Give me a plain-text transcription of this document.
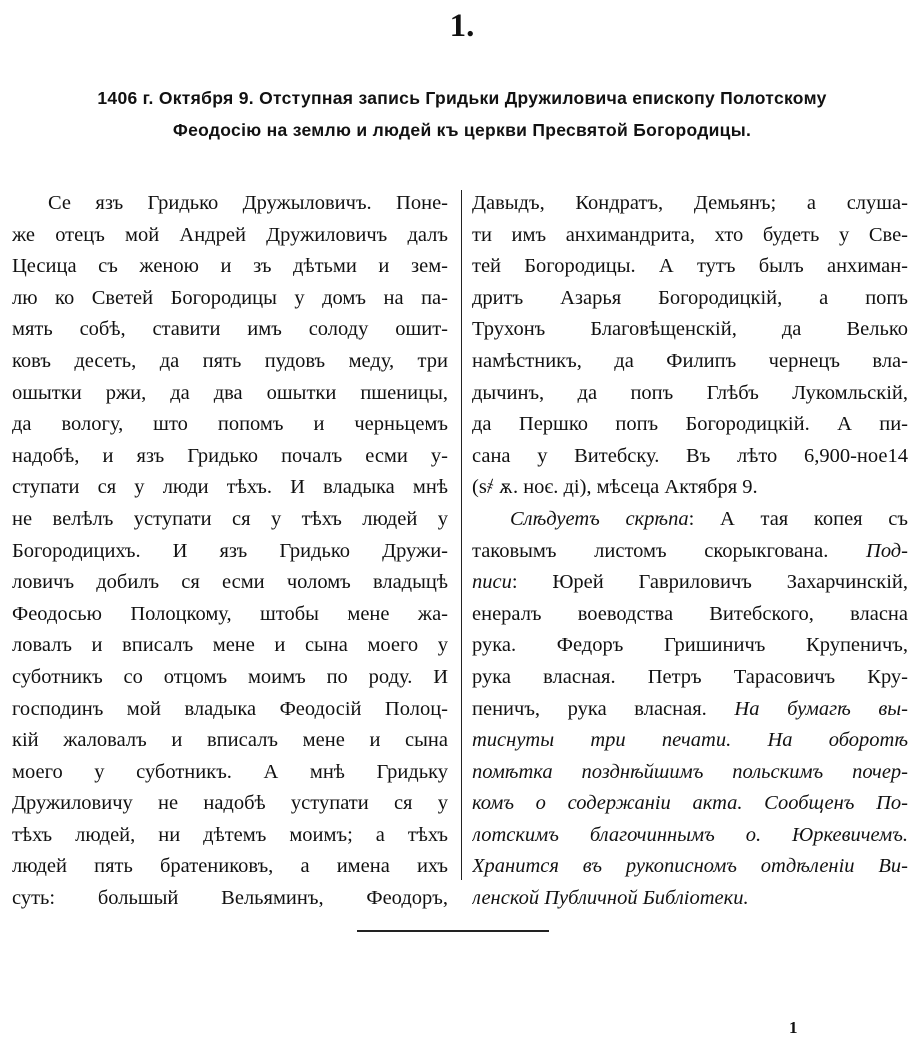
1.
1406 г. Октября 9. Отступная запись Гридьки Дружиловича епископу Полотскому
Феодосію на землю и людей къ церкви Пресвятой Богородицы.
Се язъ Гридько Дружыловичъ. Поне-
же отецъ мой Андрей Дружиловичъ далъ
Цесица съ женою и зъ дѣтьми и зем-
лю ко Светей Богородицы у домъ на па-
мять собѣ, ставити имъ солоду ошит-
ковъ десеть, да пять пудовъ меду, три
ошытки ржи, да два ошытки пшеницы,
да вологу, што попомъ и черньцемъ
надобѣ, и язъ Гридько почалъ есми у-
ступати ся у люди тѣхъ. И владыка мнѣ
не велѣлъ уступати ся у тѣхъ людей у
Богородицихъ. И язъ Гридько Дружи-
ловичъ добилъ ся есми чоломъ владыцѣ
Феодосью Полоцкому, штобы мене жа-
ловалъ и вписалъ мене и сына моего у
суботникъ со отцомъ моимъ по роду. И
господинъ мой владыка Феодосій Полоц-
кій жаловалъ и вписалъ мене и сына
моего у суботникъ. А мнѣ Гридьку
Дружиловичу не надобѣ уступати ся у
тѣхъ людей, ни дѣтемъ моимъ; а тѣхъ
людей пять братениковъ, а имена ихъ
суть: большый Вельяминъ, Феодоръ,
Давыдъ, Кондратъ, Демьянъ; а слуша-
ти имъ анхимандрита, хто будеть у Све-
тей Богородицы. А тутъ былъ анхиман-
дритъ Азарья Богородицкій, а попъ
Трухонъ Благовѣщенскій, да Велько
намѣстникъ, да Филипъ чернецъ вла-
дычинъ, да попъ Глѣбъ Лукомльскій,
да Першко попъ Богородицкій. А пи-
сана у Витебску. Въ лѣто 6,900-ное14
(ѕ҂ ѫ. ноє. ді), мѣсеца Актября 9.
Слѣдуетъ скрѣпа: А тая копея съ
таковымъ листомъ скорыкгована. Под-
писи: Юрей Гавриловичъ Захарчинскій,
енералъ воеводства Витебского, власна
рука. Федоръ Гришиничъ Крупеничъ,
рука власная. Петръ Тарасовичъ Кру-
пеничъ, рука власная. На бумагѣ вы-
тиснуты три печати. На оборотѣ
помѣтка позднѣйшимъ польскимъ почер-
комъ о содержаніи акта. Сообщенъ По-
лотскимъ благочиннымъ о. Юркевичемъ.
Хранится въ рукописномъ отдѣленіи Ви-
ленской Публичной Библіотеки.
1
